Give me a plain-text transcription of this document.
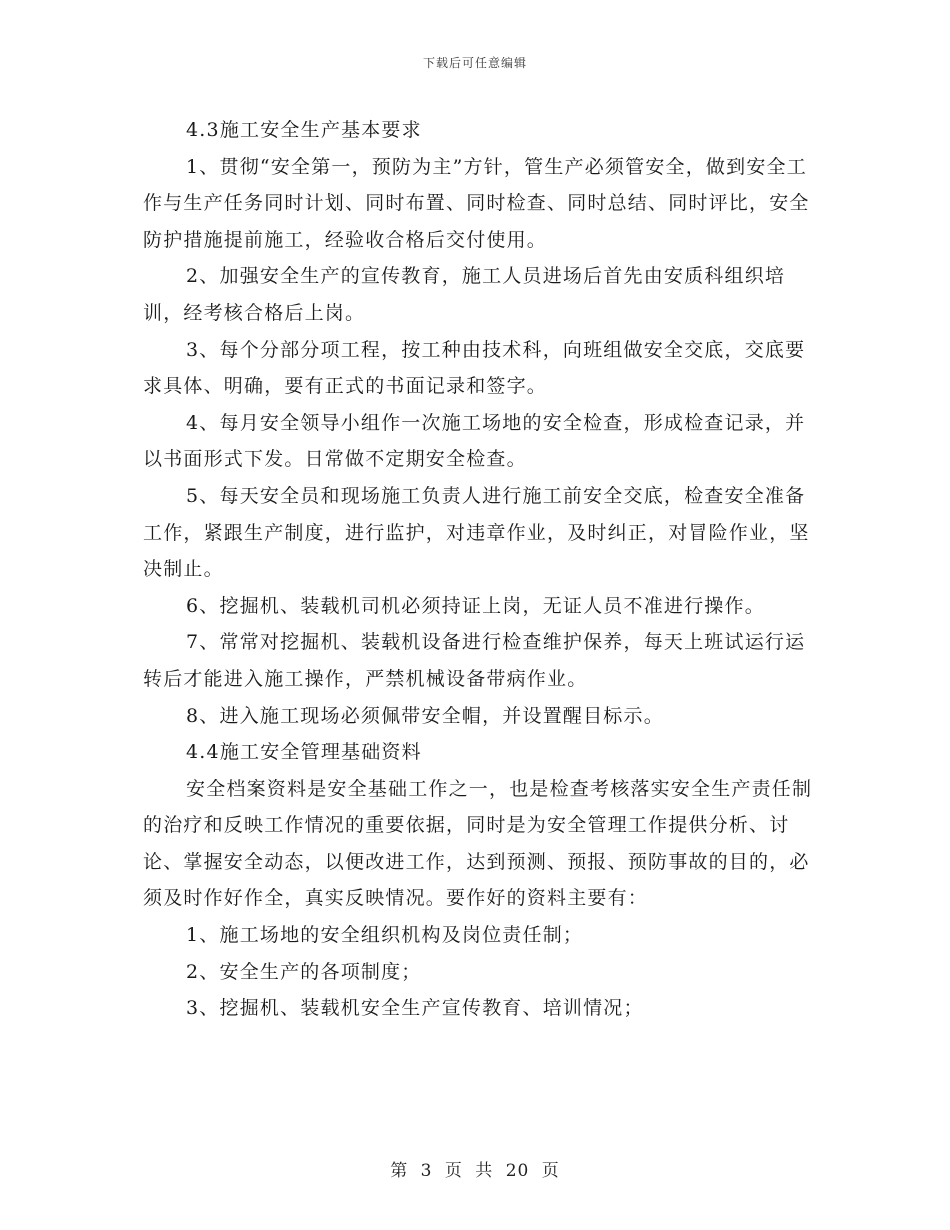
下载后可任意编辑

4.3施工安全生产基本要求

1、贯彻“安全第一，预防为主”方针，管生产必须管安全，做到安全工作与生产任务同时计划、同时布置、同时检查、同时总结、同时评比，安全防护措施提前施工，经验收合格后交付使用。

2、加强安全生产的宣传教育，施工人员进场后首先由安质科组织培训，经考核合格后上岗。

3、每个分部分项工程，按工种由技术科，向班组做安全交底，交底要求具体、明确，要有正式的书面记录和签字。

4、每月安全领导小组作一次施工场地的安全检查，形成检查记录，并以书面形式下发。日常做不定期安全检查。

5、每天安全员和现场施工负责人进行施工前安全交底，检查安全准备工作，紧跟生产制度，进行监护，对违章作业，及时纠正，对冒险作业，坚决制止。

6、挖掘机、装载机司机必须持证上岗，无证人员不准进行操作。

7、常常对挖掘机、装载机设备进行检查维护保养，每天上班试运行运转后才能进入施工操作，严禁机械设备带病作业。

8、进入施工现场必须佩带安全帽，并设置醒目标示。

4.4施工安全管理基础资料

安全档案资料是安全基础工作之一，也是检查考核落实安全生产责任制的治疗和反映工作情况的重要依据，同时是为安全管理工作提供分析、讨论、掌握安全动态，以便改进工作，达到预测、预报、预防事故的目的，必须及时作好作全，真实反映情况。要作好的资料主要有：

1、施工场地的安全组织机构及岗位责任制；

2、安全生产的各项制度；

3、挖掘机、装载机安全生产宣传教育、培训情况；

第 3 页 共 20 页
